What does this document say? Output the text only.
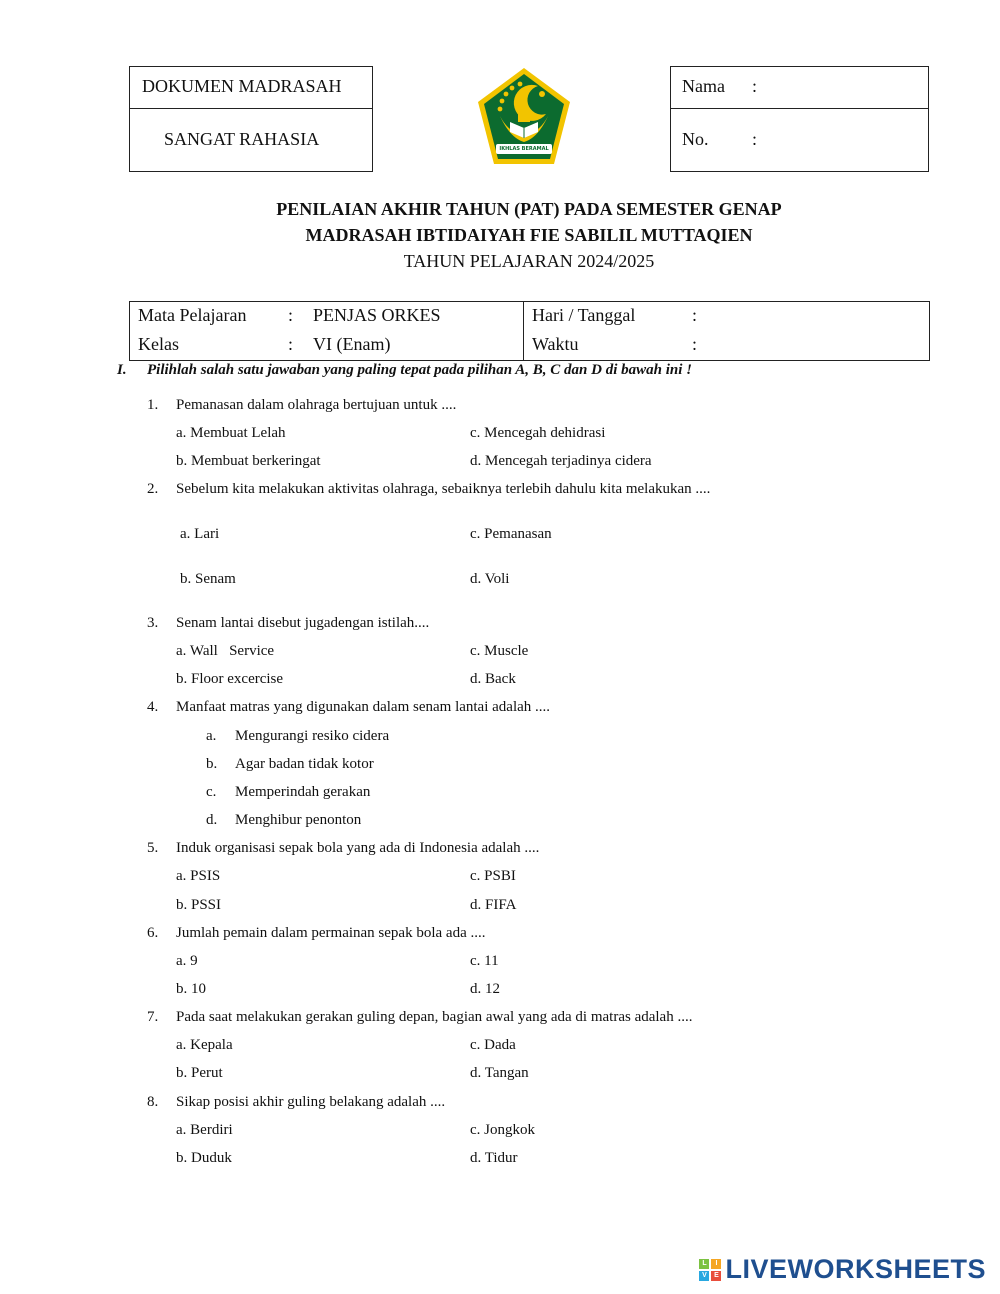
DOKUMEN MADRASAH
SANGAT RAHASIA	IKHLAS BERAMAL
Nama :
No. :
PENILAIAN AKHIR TAHUN (PAT) PADA SEMESTER GENAP
MADRASAH IBTIDAIYAH FIE SABILIL MUTTAQIEN
TAHUN PELAJARAN 2024/2025
Mata Pelajaran : PENJAS ORKES
Kelas	: VI (Enam)
Hari / Tanggal	:
Waktu	:
I. Pilihlah salah satu jawaban yang paling tepat pada pilihan A, B, C dan D di bawah ini !
1. Pemanasan dalam olahraga bertujuan untuk ....
a. Membuat Lelah	c. Mencegah dehidrasi
b. Membuat berkeringat	d. Mencegah terjadinya cidera
2. Sebelum kita melakukan aktivitas olahraga, sebaiknya terlebih dahulu kita melakukan ....
a. Lari	c. Pemanasan
b. Senam	d. Voli
3. Senam lantai disebut jugadengan istilah....
a. Wall   Service	c. Muscle
b. Floor excercise	d. Back
4. Manfaat matras yang digunakan dalam senam lantai adalah ....
a. Mengurangi resiko cidera
b. Agar badan tidak kotor
c. Memperindah gerakan
d. Menghibur penonton
5. Induk organisasi sepak bola yang ada di Indonesia adalah ....
a. PSIS	c. PSBI
b. PSSI	d. FIFA
6. Jumlah pemain dalam permainan sepak bola ada ....
a. 9	c. 11
b. 10	d. 12
7. Pada saat melakukan gerakan guling depan, bagian awal yang ada di matras adalah ....
a. Kepala	c. Dada
b. Perut	d. Tangan
8. Sikap posisi akhir guling belakang adalah ....
a. Berdiri	c. Jongkok
b. Duduk	d. Tidur
L	I
V	E LIVEWORKSHEETS
